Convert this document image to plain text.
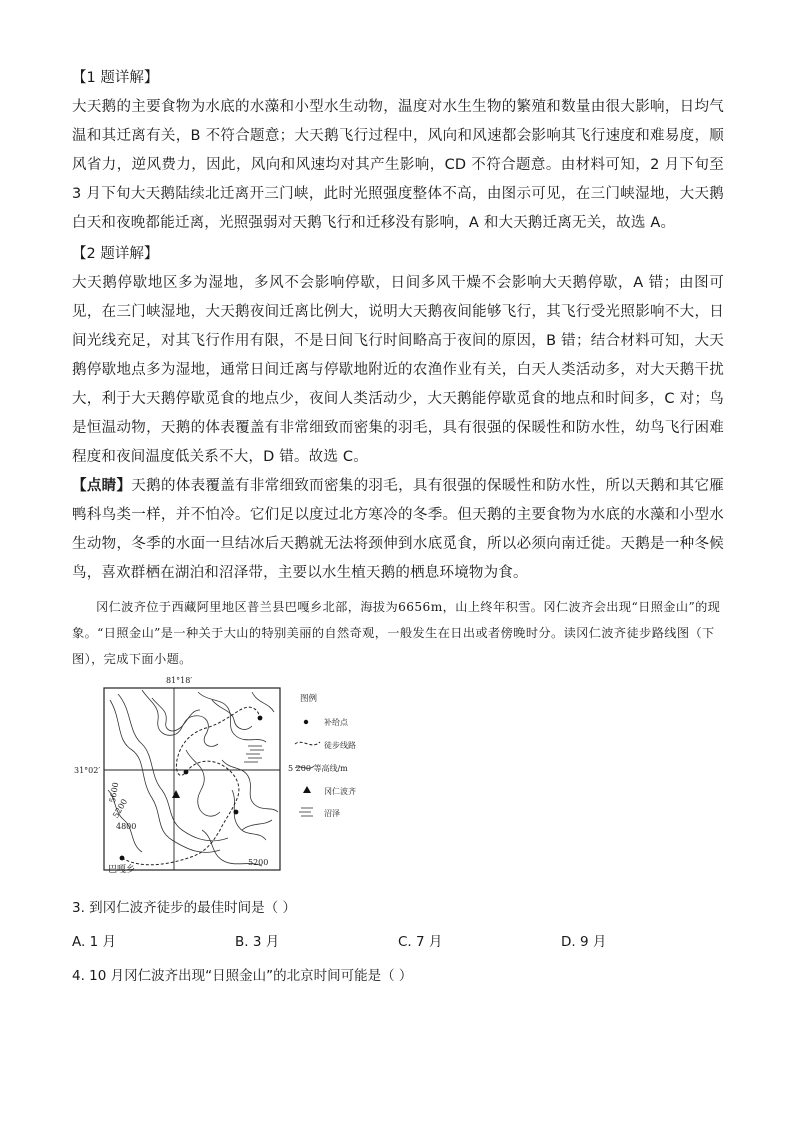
【1 题详解】

大天鹅的主要食物为水底的水藻和小型水生动物，温度对水生生物的繁殖和数量由很大影响，日均气温和其迁离有关，B 不符合题意；大天鹅飞行过程中，风向和风速都会影响其飞行速度和难易度，顺风省力，逆风费力，因此，风向和风速均对其产生影响，CD 不符合题意。由材料可知，2 月下旬至 3 月下旬大天鹅陆续北迁离开三门峡，此时光照强度整体不高，由图示可见，在三门峡湿地，大天鹅白天和夜晚都能迁离，光照强弱对天鹅飞行和迁移没有影响，A 和大天鹅迁离无关，故选 A。

【2 题详解】

大天鹅停歇地区多为湿地，多风不会影响停歇，日间多风干燥不会影响大天鹅停歇，A 错；由图可见，在三门峡湿地，大天鹅夜间迁离比例大，说明大天鹅夜间能够飞行，其飞行受光照影响不大，日间光线充足，对其飞行作用有限，不是日间飞行时间略高于夜间的原因，B 错；结合材料可知，大天鹅停歇地点多为湿地，通常日间迁离与停歇地附近的农渔作业有关，白天人类活动多，对大天鹅干扰大，利于大天鹅停歇觅食的地点少，夜间人类活动少，大天鹅能停歇觅食的地点和时间多，C 对；鸟是恒温动物，天鹅的体表覆盖有非常细致而密集的羽毛，具有很强的保暖性和防水性，幼鸟飞行困难程度和夜间温度低关系不大，D 错。故选 C。

【点睛】天鹅的体表覆盖有非常细致而密集的羽毛，具有很强的保暖性和防水性，所以天鹅和其它雁鸭科鸟类一样，并不怕冷。它们足以度过北方寒冷的冬季。但天鹅的主要食物为水底的水藻和小型水生动物，冬季的水面一旦结冰后天鹅就无法将颈伸到水底觅食，所以必须向南迁徙。天鹅是一种冬候鸟，喜欢群栖在湖泊和沼泽带，主要以水生植天鹅的栖息环境物为食。

冈仁波齐位于西藏阿里地区普兰县巴嘎乡北部，海拔为6656m，山上终年积雪。冈仁波齐会出现“日照金山”的现象。“日照金山”是一种关于大山的特别美丽的自然奇观，一般发生在日出或者傍晚时分。读冈仁波齐徒步路线图（下图），完成下面小题。

81°18′
31°02′
5600
5200
4800
5200
巴嘎乡
图例
补给点
徒步线路
5 200 等高线/m
冈仁波齐
沼泽

3. 到冈仁波齐徒步的最佳时间是（ ）

A. 1 月	B. 3 月	C. 7 月	D. 9 月

4. 10 月冈仁波齐出现“日照金山”的北京时间可能是（ ）
